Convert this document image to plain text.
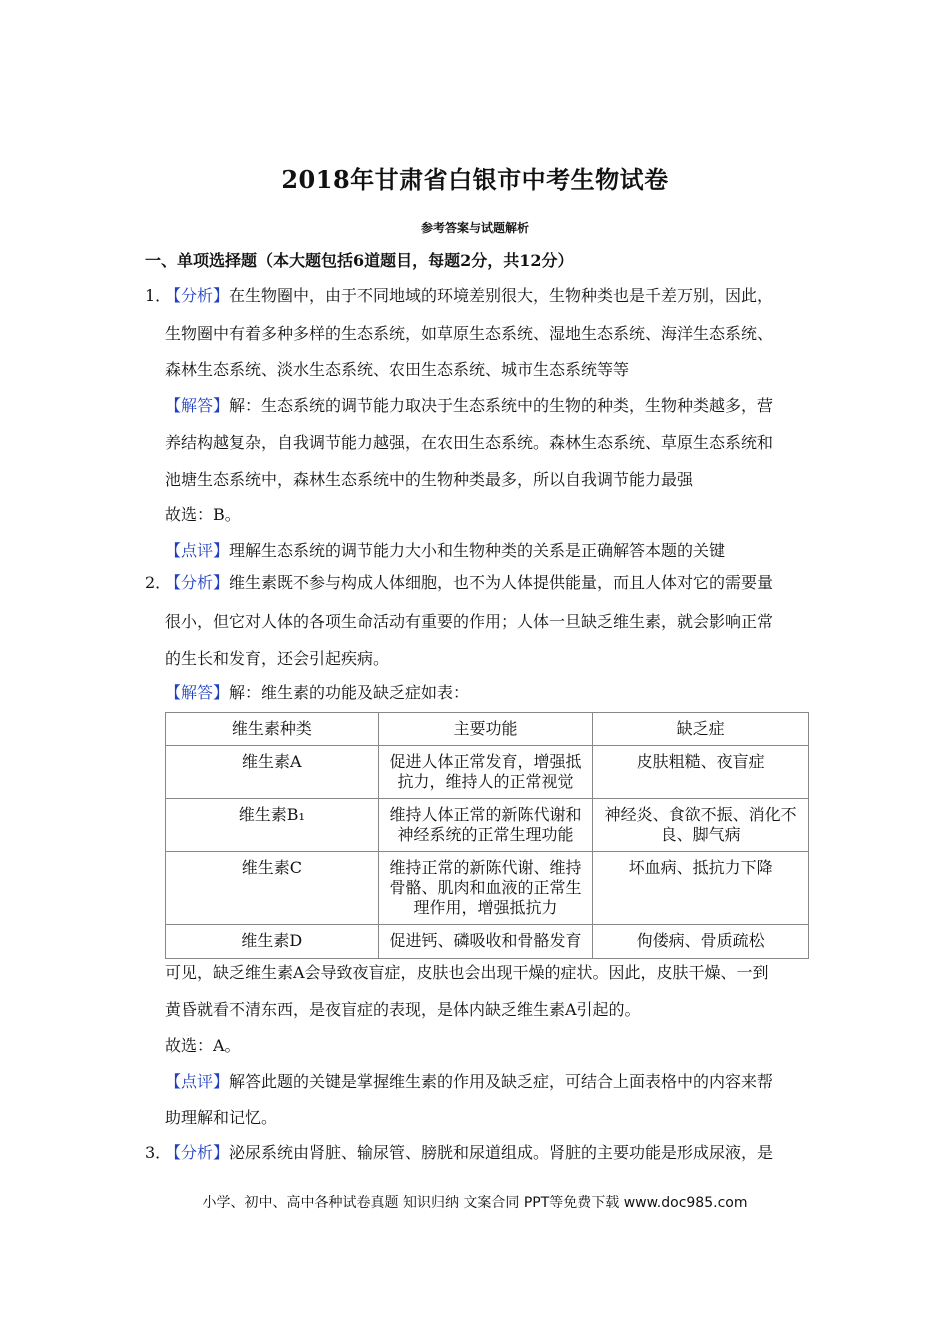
2018年甘肃省白银市中考生物试卷
参考答案与试题解析
一、单项选择题（本大题包括6道题目，每题2分，共12分）
1．
【分析】在生物圈中，由于不同地域的环境差别很大，生物种类也是千差万别，因此，
生物圈中有着多种多样的生态系统，如草原生态系统、湿地生态系统、海洋生态系统、
森林生态系统、淡水生态系统、农田生态系统、城市生态系统等等
【解答】解：生态系统的调节能力取决于生态系统中的生物的种类，生物种类越多，营
养结构越复杂，自我调节能力越强，在农田生态系统。森林生态系统、草原生态系统和
池塘生态系统中，森林生态系统中的生物种类最多，所以自我调节能力最强
故选：B。
【点评】理解生态系统的调节能力大小和生物种类的关系是正确解答本题的关键
2．
【分析】维生素既不参与构成人体细胞，也不为人体提供能量，而且人体对它的需要量
很小，但它对人体的各项生命活动有重要的作用；人体一旦缺乏维生素，就会影响正常
的生长和发育，还会引起疾病。
【解答】解：维生素的功能及缺乏症如表：
维生素种类	主要功能	缺乏症
维生素A	促进人体正常发育，增强抵抗力，维持人的正常视觉	皮肤粗糙、夜盲症
维生素B₁	维持人体正常的新陈代谢和神经系统的正常生理功能	神经炎、食欲不振、消化不良、脚气病
维生素C	维持正常的新陈代谢、维持骨骼、肌肉和血液的正常生理作用，增强抵抗力	坏血病、抵抗力下降
维生素D	促进钙、磷吸收和骨骼发育	佝偻病、骨质疏松
可见，缺乏维生素A会导致夜盲症，皮肤也会出现干燥的症状。因此，皮肤干燥、一到
黄昏就看不清东西，是夜盲症的表现，是体内缺乏维生素A引起的。
故选：A。
【点评】解答此题的关键是掌握维生素的作用及缺乏症，可结合上面表格中的内容来帮
助理解和记忆。
3．
【分析】泌尿系统由肾脏、输尿管、膀胱和尿道组成。肾脏的主要功能是形成尿液，是
小学、初中、高中各种试卷真题 知识归纳 文案合同 PPT等免费下载 www.doc985.com
